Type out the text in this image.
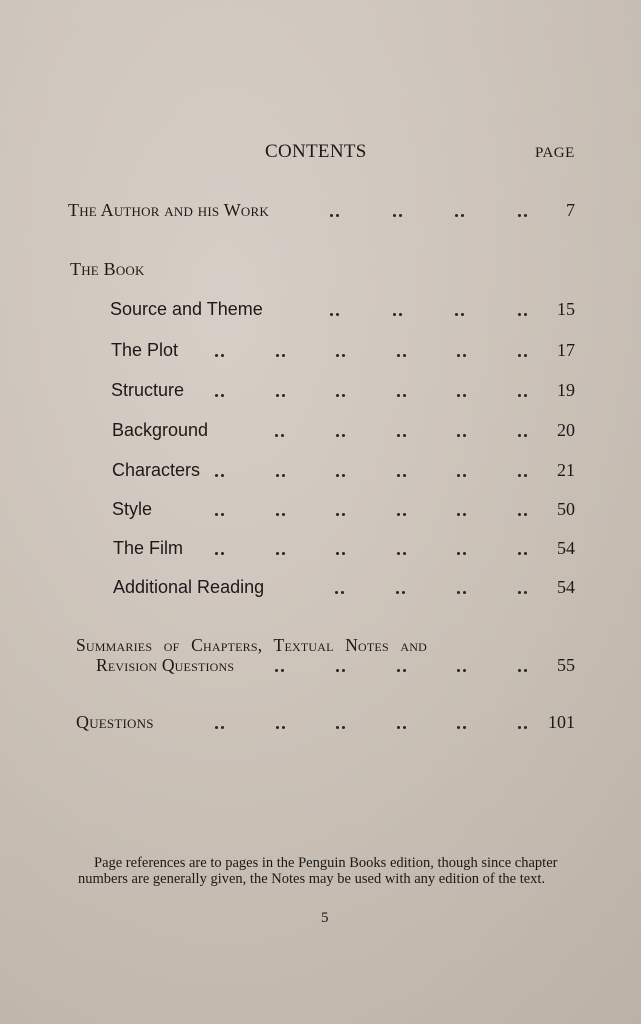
CONTENTS	PAGE
The Author and his Work	7
The Book
Source and Theme	15
The Plot	17
Structure	19
Background	20
Characters	21
Style	50
The Film	54
Additional Reading	54
Summaries of Chapters, Textual Notes and
Revision Questions	55
Questions	101
Page references are to pages in the Penguin Books edition, though since chapter numbers are generally given, the Notes may be used with any edition of the text.
5
